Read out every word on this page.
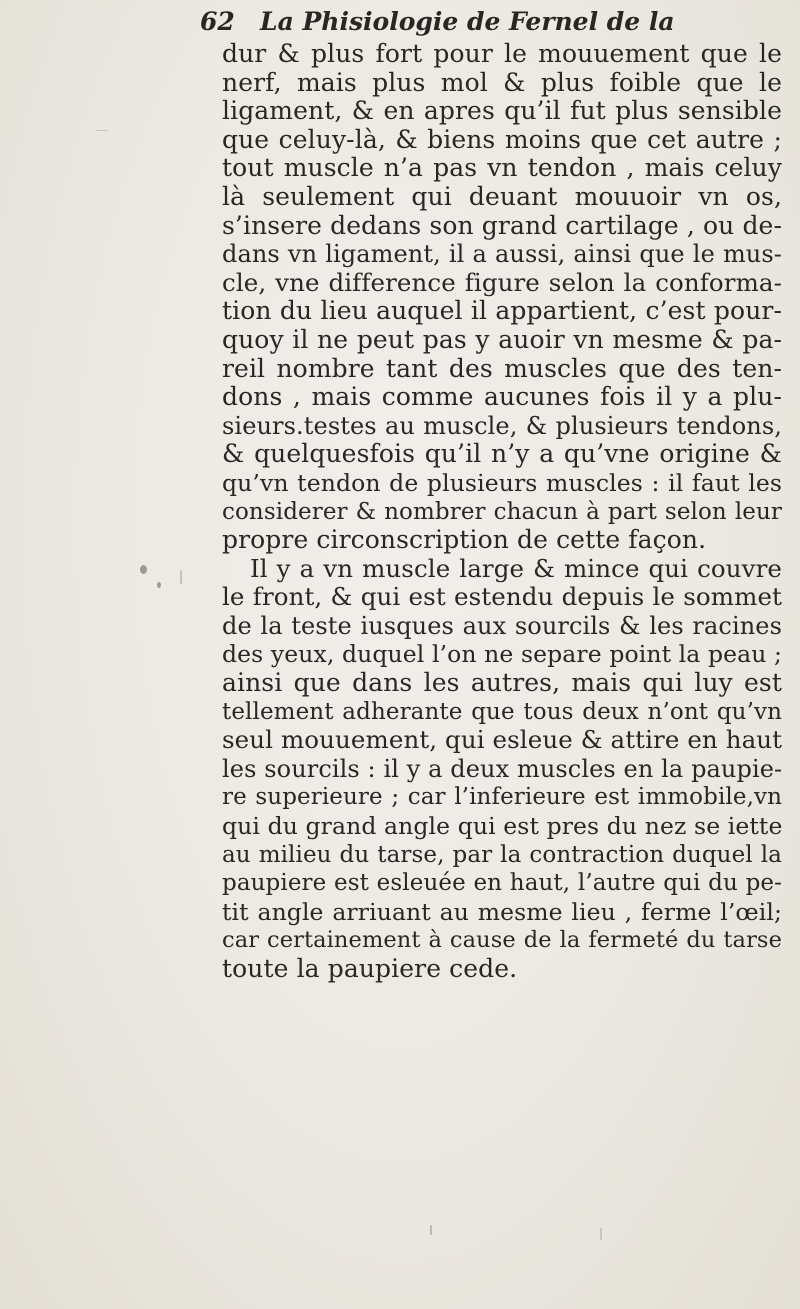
62 La Phisiologie de Fernel de la
dur & plus fort pour le mouuement que le
nerf, mais plus mol & plus foible que le
ligament, & en apres qu’il fut plus sensible
que celuy-là, & biens moins que cet autre ;
tout muscle n’a pas vn tendon , mais celuy
là seulement qui deuant mouuoir vn os,
s’insere dedans son grand cartilage , ou de-
dans vn ligament, il a aussi, ainsi que le mus-
cle, vne difference figure selon la conforma-
tion du lieu auquel il appartient, c’est pour-
quoy il ne peut pas y auoir vn mesme & pa-
reil nombre tant des muscles que des ten-
dons , mais comme aucunes fois il y a plu-
sieurs.testes au muscle, & plusieurs tendons,
& quelquesfois qu’il n’y a qu’vne origine &
qu’vn tendon de plusieurs muscles : il faut les
considerer & nombrer chacun à part selon leur
propre circonscription de cette façon.
Il y a vn muscle large & mince qui couvre
le front, & qui est estendu depuis le sommet
de la teste iusques aux sourcils & les racines
des yeux, duquel l’on ne separe point la peau ;
ainsi que dans les autres, mais qui luy est
tellement adherante que tous deux n’ont qu’vn
seul mouuement, qui esleue & attire en haut
les sourcils : il y a deux muscles en la paupie-
re superieure ; car l’inferieure est immobile,vn
qui du grand angle qui est pres du nez se iette
au milieu du tarse, par la contraction duquel la
paupiere est esleuée en haut, l’autre qui du pe-
tit angle arriuant au mesme lieu , ferme l’œil;
car certainement à cause de la fermeté du tarse
toute la paupiere cede.
